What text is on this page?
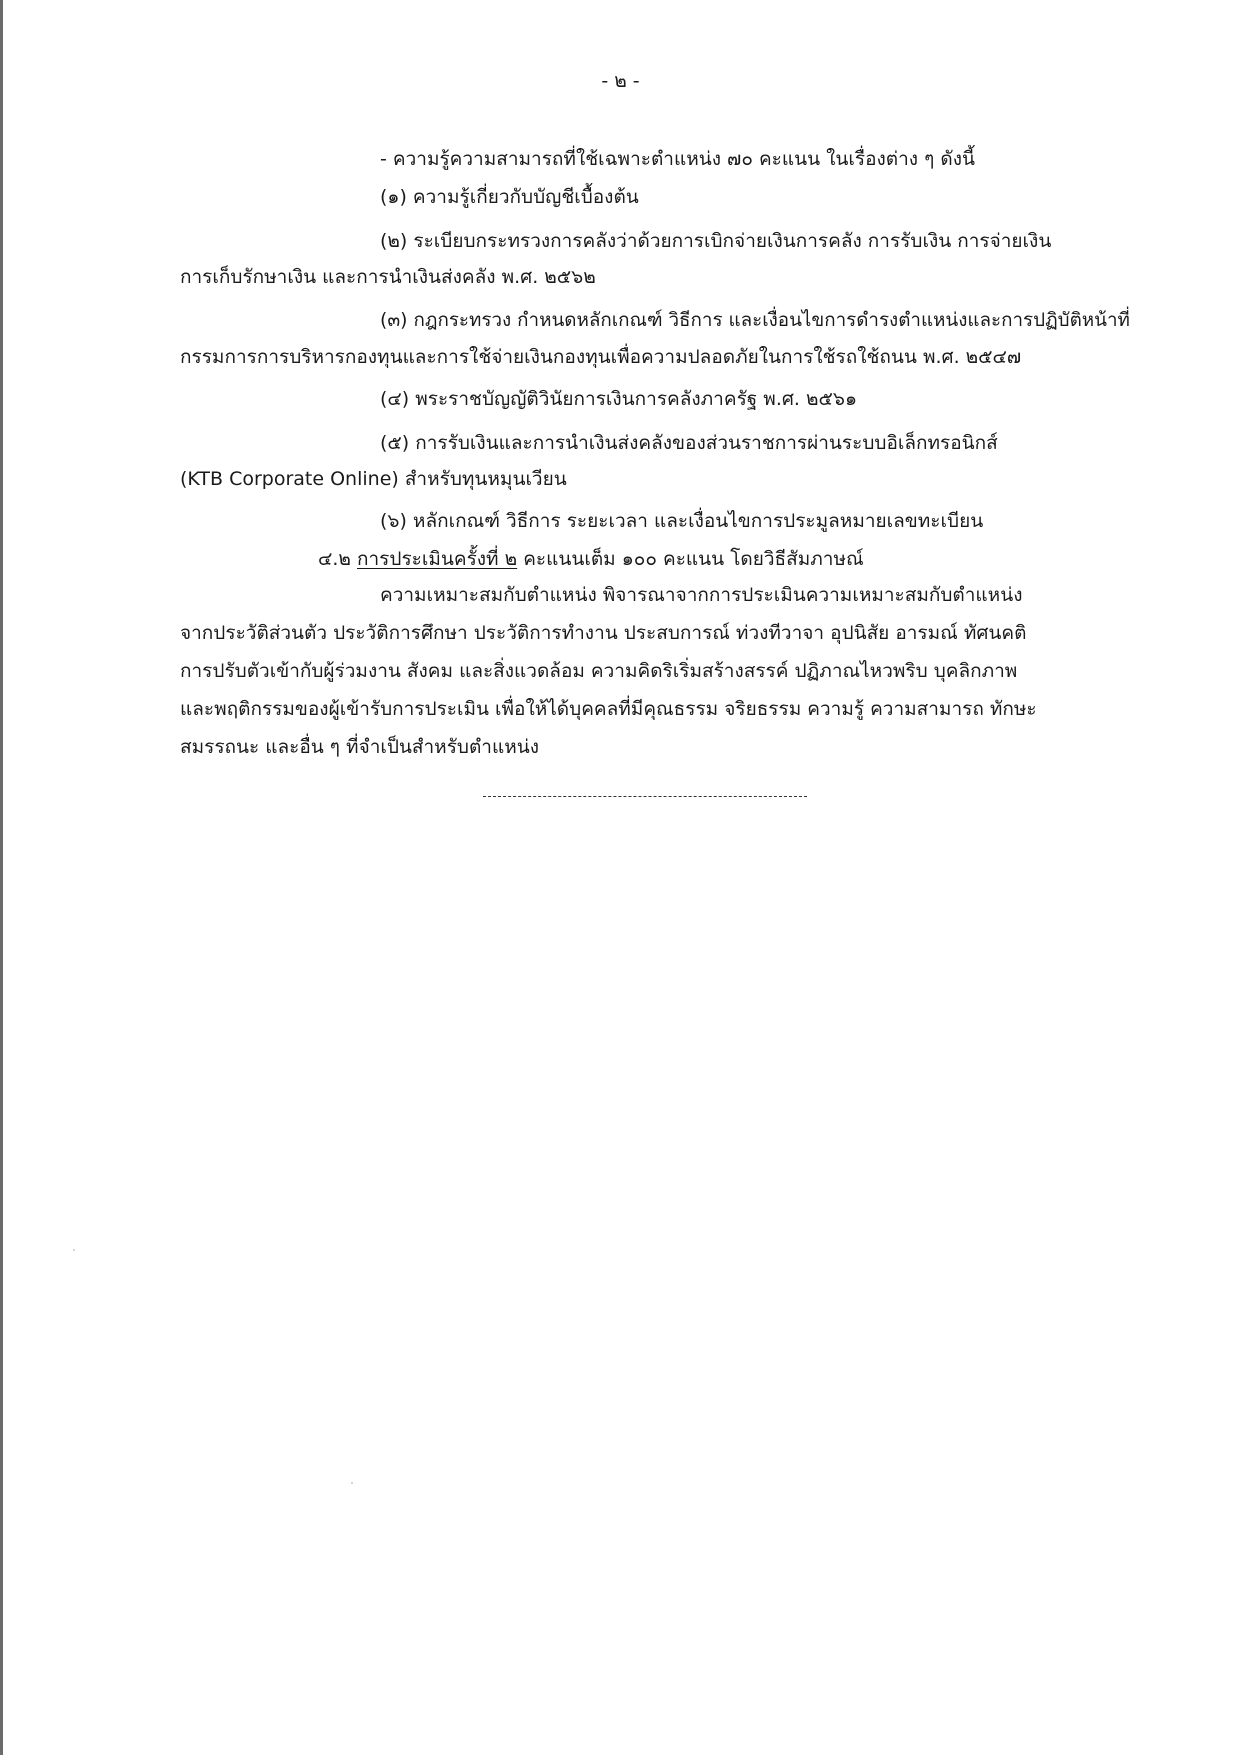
- ๒ -
- ความรู้ความสามารถที่ใช้เฉพาะตำแหน่ง ๗๐ คะแนน ในเรื่องต่าง ๆ ดังนี้
(๑) ความรู้เกี่ยวกับบัญชีเบื้องต้น
(๒) ระเบียบกระทรวงการคลังว่าด้วยการเบิกจ่ายเงินการคลัง การรับเงิน การจ่ายเงิน
การเก็บรักษาเงิน และการนำเงินส่งคลัง พ.ศ. ๒๕๖๒
(๓) กฎกระทรวง กำหนดหลักเกณฑ์ วิธีการ และเงื่อนไขการดำรงตำแหน่งและการปฏิบัติหน้าที่
กรรมการการบริหารกองทุนและการใช้จ่ายเงินกองทุนเพื่อความปลอดภัยในการใช้รถใช้ถนน พ.ศ. ๒๕๔๗
(๔) พระราชบัญญัติวินัยการเงินการคลังภาครัฐ พ.ศ. ๒๕๖๑
(๕) การรับเงินและการนำเงินส่งคลังของส่วนราชการผ่านระบบอิเล็กทรอนิกส์
(KTB Corporate Online) สำหรับทุนหมุนเวียน
(๖) หลักเกณฑ์ วิธีการ ระยะเวลา และเงื่อนไขการประมูลหมายเลขทะเบียน
๔.๒ การประเมินครั้งที่ ๒ คะแนนเต็ม ๑๐๐ คะแนน โดยวิธีสัมภาษณ์
ความเหมาะสมกับตำแหน่ง พิจารณาจากการประเมินความเหมาะสมกับตำแหน่ง
จากประวัติส่วนตัว ประวัติการศึกษา ประวัติการทำงาน ประสบการณ์ ท่วงทีวาจา อุปนิสัย อารมณ์ ทัศนคติ
การปรับตัวเข้ากับผู้ร่วมงาน สังคม และสิ่งแวดล้อม ความคิดริเริ่มสร้างสรรค์ ปฏิภาณไหวพริบ บุคลิกภาพ
และพฤติกรรมของผู้เข้ารับการประเมิน เพื่อให้ได้บุคคลที่มีคุณธรรม จริยธรรม ความรู้ ความสามารถ ทักษะ
สมรรถนะ และอื่น ๆ ที่จำเป็นสำหรับตำแหน่ง
